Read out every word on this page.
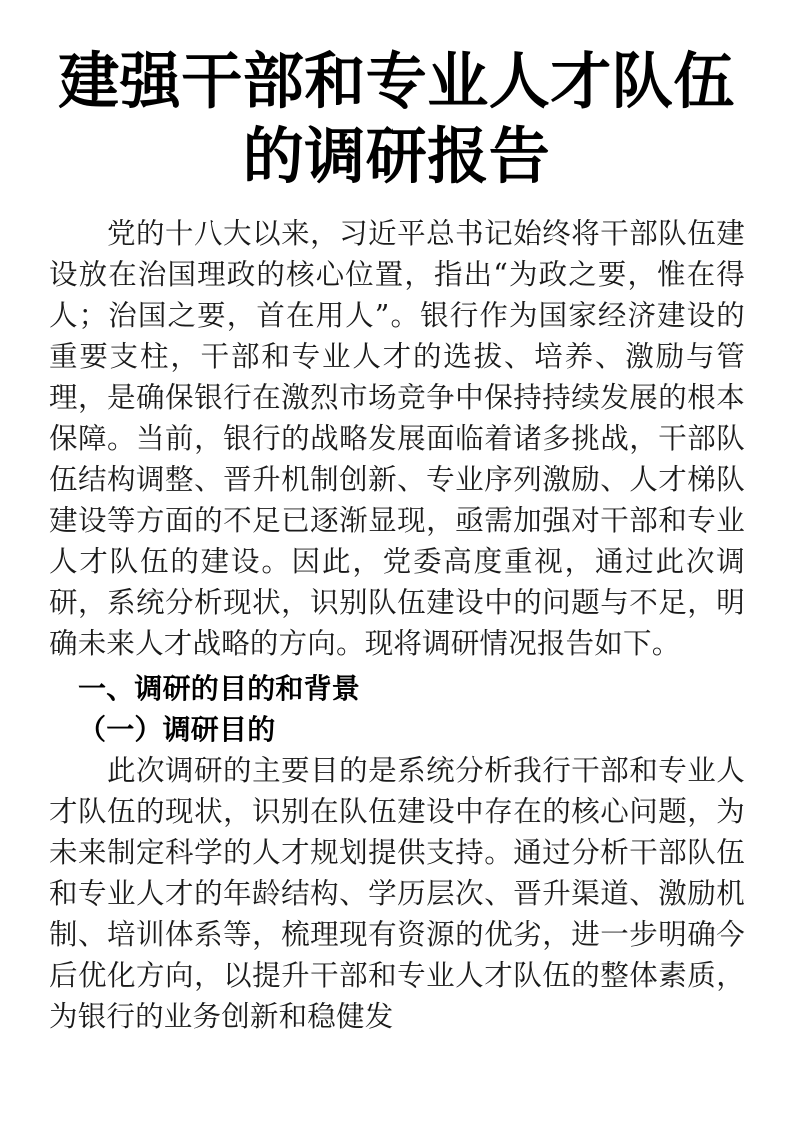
建强干部和专业人才队伍的调研报告

党的十八大以来，习近平总书记始终将干部队伍建设放在治国理政的核心位置，指出“为政之要，惟在得人；治国之要，首在用人”。银行作为国家经济建设的重要支柱，干部和专业人才的选拔、培养、激励与管理，是确保银行在激烈市场竞争中保持持续发展的根本保障。当前，银行的战略发展面临着诸多挑战，干部队伍结构调整、晋升机制创新、专业序列激励、人才梯队建设等方面的不足已逐渐显现，亟需加强对干部和专业人才队伍的建设。因此，党委高度重视，通过此次调研，系统分析现状，识别队伍建设中的问题与不足，明确未来人才战略的方向。现将调研情况报告如下。

一、调研的目的和背景
（一）调研目的

此次调研的主要目的是系统分析我行干部和专业人才队伍的现状，识别在队伍建设中存在的核心问题，为未来制定科学的人才规划提供支持。通过分析干部队伍和专业人才的年龄结构、学历层次、晋升渠道、激励机制、培训体系等，梳理现有资源的优劣，进一步明确今后优化方向，以提升干部和专业人才队伍的整体素质，为银行的业务创新和稳健发
